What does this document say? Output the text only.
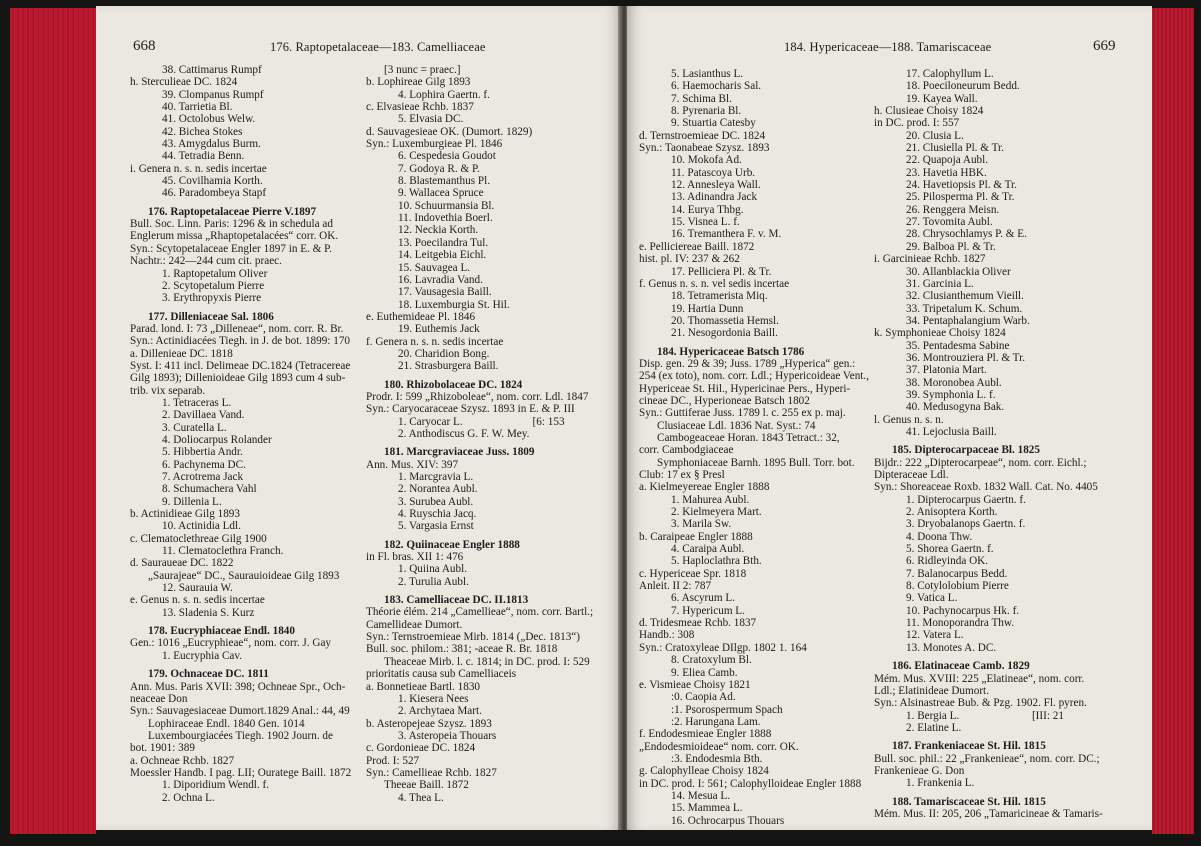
668	176. Raptopetalaceae—183. Camelliaceae
38. Cattimarus Rumpf
h. Sterculieae DC. 1824
39. Clompanus Rumpf
40. Tarrietia Bl.
41. Octolobus Welw.
42. Bichea Stokes
43. Amygdalus Burm.
44. Tetradia Benn.
i. Genera n. s. n. sedis incertae
45. Covilhamia Korth.
46. Paradombeya Stapf
176. Raptopetalaceae Pierre V.1897
Bull. Soc. Linn. Paris: 1296 & in schedula ad
Englerum missa „Rhaptopetalacées“ corr. OK.
Syn.: Scytopetalaceae Engler 1897 in E. & P.
Nachtr.: 242—244 cum cit. praec.
1. Raptopetalum Oliver
2. Scytopetalum Pierre
3. Erythropyxis Pierre
177. Dilleniaceae Sal. 1806
Parad. lond. I: 73 „Dilleneae“, nom. corr. R. Br.
Syn.: Actinidiacées Tiegh. in J. de bot. 1899: 170
a. Dillenieae DC. 1818
Syst. I: 411 incl. Delimeae DC.1824 (Tetracereae
Gilg 1893); Dillenioideae Gilg 1893 cum 4 sub-
trib. vix separab.
1. Tetraceras L.
2. Davillaea Vand.
3. Curatella L.
4. Doliocarpus Rolander
5. Hibbertia Andr.
6. Pachynema DC.
7. Acrotrema Jack
8. Schumachera Vahl
9. Dillenia L.
b. Actinidieae Gilg 1893
10. Actinidia Ldl.
c. Clematoclethreae Gilg 1900
11. Clematoclethra Franch.
d. Sauraueae DC. 1822
„Saurajeae“ DC., Saurauioideae Gilg 1893
12. Saurauia W.
e. Genus n. s. n. sedis incertae
13. Sladenia S. Kurz
178. Eucryphiaceae Endl. 1840
Gen.: 1016 „Eucryphieae“, nom. corr. J. Gay
1. Eucryphia Cav.
179. Ochnaceae DC. 1811
Ann. Mus. Paris XVII: 398; Ochneae Spr., Och-
neaceae Don
Syn.: Sauvagesiaceae Dumort.1829 Anal.: 44, 49
Lophiraceae Endl. 1840 Gen. 1014
Luxembourgiacées Tiegh. 1902 Journ. de
bot. 1901: 389
a. Ochneae Rchb. 1827
Moessler Handb. I pag. LII; Ouratege Baill. 1872
1. Diporidium Wendl. f.
2. Ochna L.
[3 nunc = praec.]
b. Lophireae Gilg 1893
4. Lophira Gaertn. f.
c. Elvasieae Rchb. 1837
5. Elvasia DC.
d. Sauvagesieae OK. (Dumort. 1829)
Syn.: Luxemburgieae Pl. 1846
6. Cespedesia Goudot
7. Godoya R. & P.
8. Blastemanthus Pl.
9. Wallacea Spruce
10. Schuurmansia Bl.
11. Indovethia Boerl.
12. Neckia Korth.
13. Poecilandra Tul.
14. Leitgebia Eichl.
15. Sauvagea L.
16. Lavradia Vand.
17. Vausagesia Baill.
18. Luxemburgia St. Hil.
e. Euthemideae Pl. 1846
19. Euthemis Jack
f. Genera n. s. n. sedis incertae
20. Charidion Bong.
21. Strasburgera Baill.
180. Rhizobolaceae DC. 1824
Prodr. I: 599 „Rhizoboleae“, nom. corr. Ldl. 1847
Syn.: Caryocaraceae Szysz. 1893 in E. & P. III
1. Caryocar L.                         [6: 153
2. Anthodiscus G. F. W. Mey.
181. Marcgraviaceae Juss. 1809
Ann. Mus. XIV: 397
1. Marcgravia L.
2. Norantea Aubl.
3. Surubea Aubl.
4. Ruyschia Jacq.
5. Vargasia Ernst
182. Quiinaceae Engler 1888
in Fl. bras. XII 1: 476
1. Quiina Aubl.
2. Turulia Aubl.
183. Camelliaceae DC. II.1813
Théorie élém. 214 „Camellieae“, nom. corr. Bartl.;
Camellideae Dumort.
Syn.: Ternstroemieae Mirb. 1814 („Dec. 1813“)
Bull. soc. philom.: 381; -aceae R. Br. 1818
Theaceae Mirb. l. c. 1814; in DC. prod. I: 529
prioritatis causa sub Camelliaceis
a. Bonnetieae Bartl. 1830
1. Kiesera Nees
2. Archytaea Mart.
b. Asteropejeae Szysz. 1893
3. Asteropeia Thouars
c. Gordonieae DC. 1824
Prod. I: 527
Syn.: Camellieae Rchb. 1827
Theeae Baill. 1872
4. Thea L.
184. Hypericaceae—188. Tamariscaceae	669
5. Lasianthus L.
6. Haemocharis Sal.
7. Schima Bl.
8. Pyrenaria Bl.
9. Stuartia Catesby
d. Ternstroemieae DC. 1824
Syn.: Taonabeae Szysz. 1893
10. Mokofa Ad.
11. Patascoya Urb.
12. Annesleya Wall.
13. Adinandra Jack
14. Eurya Thbg.
15. Visnea L. f.
16. Tremanthera F. v. M.
e. Pelliciereae Baill. 1872
hist. pl. IV: 237 & 262
17. Pelliciera Pl. & Tr.
f. Genus n. s. n. vel sedis incertae
18. Tetramerista Miq.
19. Hartia Dunn
20. Thomassetia Hemsl.
21. Nesogordonia Baill.
184. Hypericaceae Batsch 1786
Disp. gen. 29 & 39; Juss. 1789 „Hyperica“ gen.:
254 (ex toto), nom. corr. Ldl.; Hypericoideae Vent.,
Hypericeae St. Hil., Hypericinae Pers., Hyperi-
cineae DC., Hyperioneae Batsch 1802
Syn.: Guttiferae Juss. 1789 l. c. 255 ex p. maj.
Clusiaceae Ldl. 1836 Nat. Syst.: 74
Cambogeaceae Horan. 1843 Tetract.: 32,
corr. Cambodgiaceae
Symphoniaceae Barnh. 1895 Bull. Torr. bot.
Club: 17 ex § Presl
a. Kielmeyereae Engler 1888
1. Mahurea Aubl.
2. Kielmeyera Mart.
3. Marila Sw.
b. Caraipeae Engler 1888
4. Caraipa Aubl.
5. Haploclathra Bth.
c. Hypericeae Spr. 1818
Anleit. II 2: 787
6. Ascyrum L.
7. Hypericum L.
d. Tridesmeae Rchb. 1837
Handb.: 308
Syn.: Cratoxyleae DIlgp. 1802 1. 164
8. Cratoxylum Bl.
9. Eliea Camb.
e. Vismieae Choisy 1821
:0. Caopia Ad.
:1. Psorospermum Spach
:2. Harungana Lam.
f. Endodesmieae Engler 1888
„Endodesmioideae“ nom. corr. OK.
:3. Endodesmia Bth.
g. Calophylleae Choisy 1824
in DC. prod. I: 561; Calophylloideae Engler 1888
14. Mesua L.
15. Mammea L.
16. Ochrocarpus Thouars
17. Calophyllum L.
18. Poeciloneurum Bedd.
19. Kayea Wall.
h. Clusieae Choisy 1824
in DC. prod. I: 557
20. Clusia L.
21. Clusiella Pl. & Tr.
22. Quapoja Aubl.
23. Havetia HBK.
24. Havetiopsis Pl. & Tr.
25. Pilosperma Pl. & Tr.
26. Renggera Meisn.
27. Tovomita Aubl.
28. Chrysochlamys P. & E.
29. Balboa Pl. & Tr.
i. Garcinieae Rchb. 1827
30. Allanblackia Oliver
31. Garcinia L.
32. Clusianthemum Vieill.
33. Tripetalum K. Schum.
34. Pentaphalangium Warb.
k. Symphonieae Choisy 1824
35. Pentadesma Sabine
36. Montrouziera Pl. & Tr.
37. Platonia Mart.
38. Moronobea Aubl.
39. Symphonia L. f.
40. Medusogyna Bak.
l. Genus n. s. n.
41. Lejoclusia Baill.
185. Dipterocarpaceae Bl. 1825
Bijdr.: 222 „Dipterocarpeae“, nom. corr. Eichl.;
Dipteraceae Ldl.
Syn.: Shoreaceae Roxb. 1832 Wall. Cat. No. 4405
1. Dipterocarpus Gaertn. f.
2. Anisoptera Korth.
3. Dryobalanops Gaertn. f.
4. Doona Thw.
5. Shorea Gaertn. f.
6. Ridleyinda OK.
7. Balanocarpus Bedd.
8. Cotylolobium Pierre
9. Vatica L.
10. Pachynocarpus Hk. f.
11. Monoporandra Thw.
12. Vatera L.
13. Monotes A. DC.
186. Elatinaceae Camb. 1829
Mém. Mus. XVIII: 225 „Elatineae“, nom. corr.
Ldl.; Elatinideae Dumort.
Syn.: Alsinastreae Bub. & Pzg. 1902. Fl. pyren.
1. Bergia L.                          [III: 21
2. Elatine L.
187. Frankeniaceae St. Hil. 1815
Bull. soc. phil.: 22 „Frankenieae“, nom. corr. DC.;
Frankenieae G. Don
1. Frankenia L.
188. Tamariscaceae St. Hil. 1815
Mém. Mus. II: 205, 206 „Tamaricineae & Tamaris-
